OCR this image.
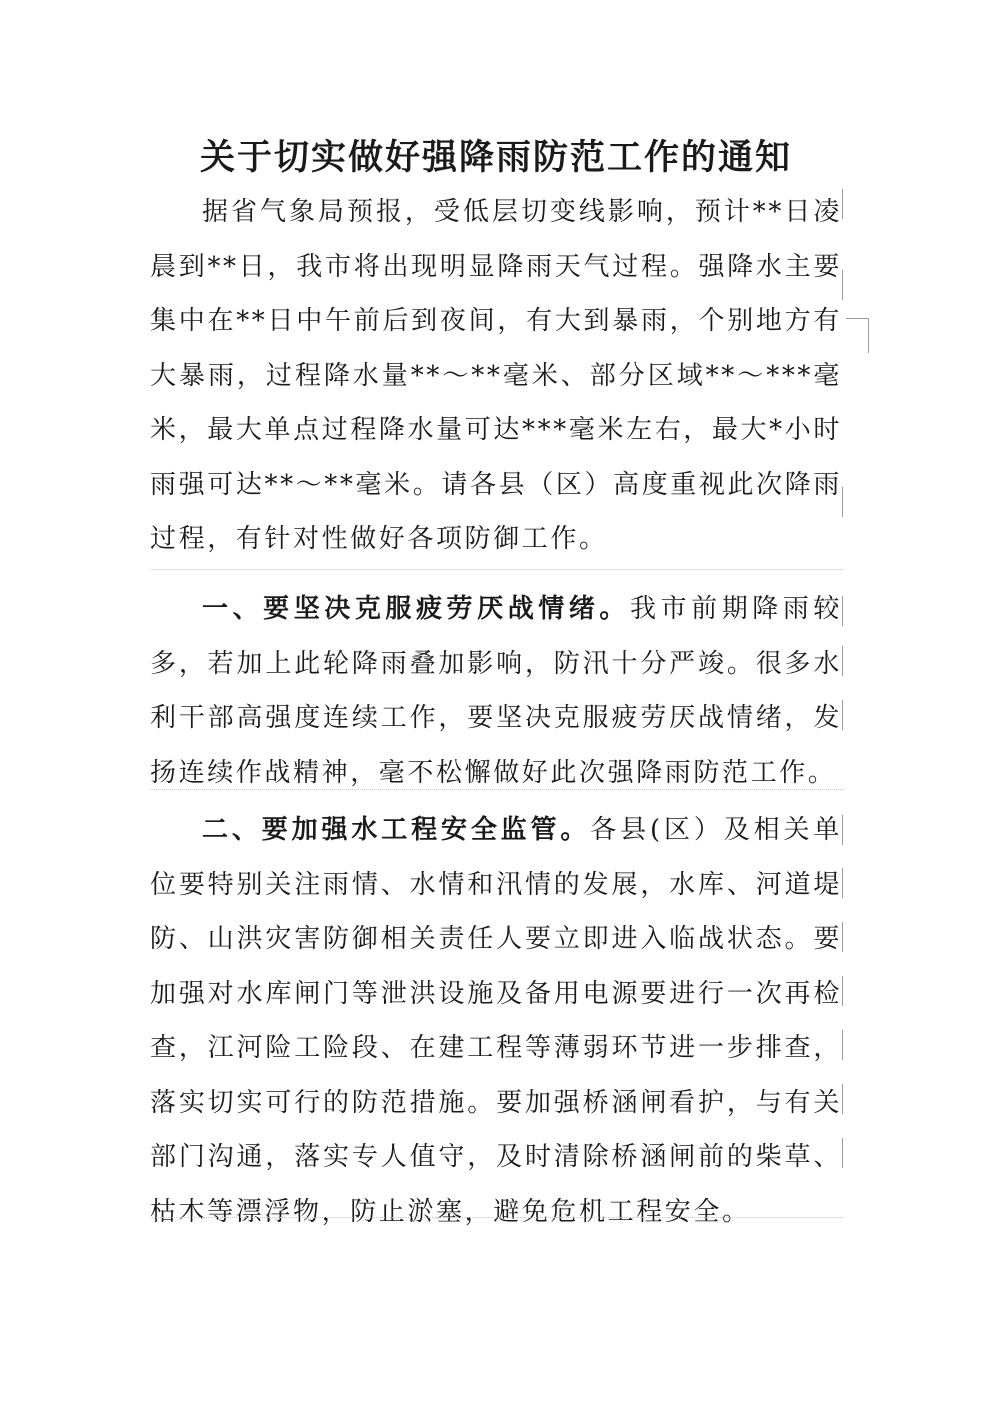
关于切实做好强降雨防范工作的通知

据省气象局预报，受低层切变线影响，预计**日凌晨到**日，我市将出现明显降雨天气过程。强降水主要集中在**日中午前后到夜间，有大到暴雨，个别地方有大暴雨，过程降水量**～**毫米、部分区域**～***毫米，最大单点过程降水量可达***毫米左右，最大*小时雨强可达**～**毫米。请各县（区）高度重视此次降雨过程，有针对性做好各项防御工作。

一、要坚决克服疲劳厌战情绪。我市前期降雨较多，若加上此轮降雨叠加影响，防汛十分严竣。很多水利干部高强度连续工作，要坚决克服疲劳厌战情绪，发扬连续作战精神，毫不松懈做好此次强降雨防范工作。

二、要加强水工程安全监管。各县(区）及相关单位要特别关注雨情、水情和汛情的发展，水库、河道堤防、山洪灾害防御相关责任人要立即进入临战状态。要加强对水库闸门等泄洪设施及备用电源要进行一次再检查，江河险工险段、在建工程等薄弱环节进一步排查，落实切实可行的防范措施。要加强桥涵闸看护，与有关部门沟通，落实专人值守，及时清除桥涵闸前的柴草、枯木等漂浮物，防止淤塞，避免危机工程安全。
